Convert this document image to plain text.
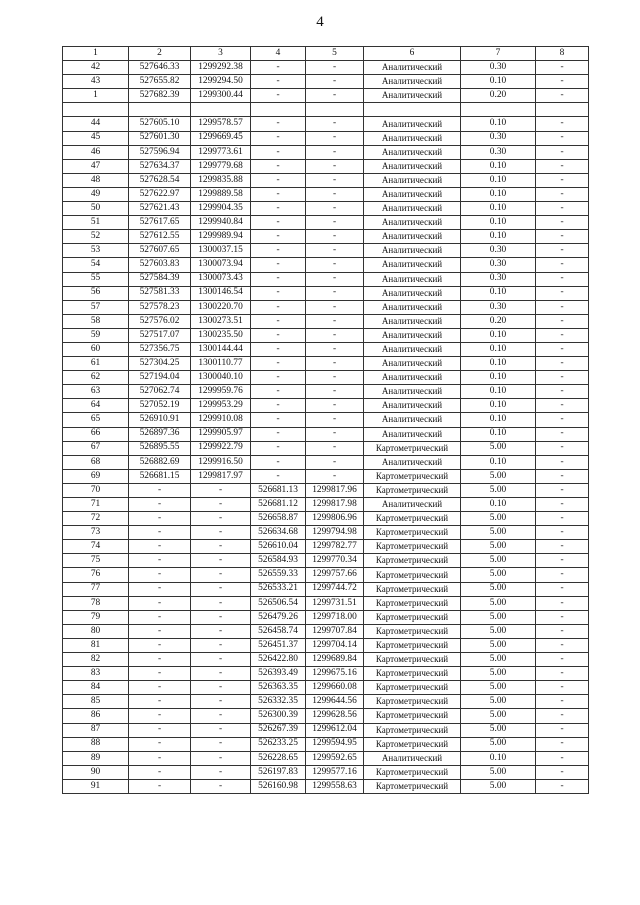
4
1	2	3	4	5	6	7	8
42	527646.33	1299292.38	-	-	Аналитический	0.30	-
43	527655.82	1299294.50	-	-	Аналитический	0.10	-
1	527682.39	1299300.44	-	-	Аналитический	0.20	-

44	527605.10	1299578.57	-	-	Аналитический	0.10	-
45	527601.30	1299669.45	-	-	Аналитический	0.30	-
46	527596.94	1299773.61	-	-	Аналитический	0.30	-
47	527634.37	1299779.68	-	-	Аналитический	0.10	-
48	527628.54	1299835.88	-	-	Аналитический	0.10	-
49	527622.97	1299889.58	-	-	Аналитический	0.10	-
50	527621.43	1299904.35	-	-	Аналитический	0.10	-
51	527617.65	1299940.84	-	-	Аналитический	0.10	-
52	527612.55	1299989.94	-	-	Аналитический	0.10	-
53	527607.65	1300037.15	-	-	Аналитический	0.30	-
54	527603.83	1300073.94	-	-	Аналитический	0.30	-
55	527584.39	1300073.43	-	-	Аналитический	0.30	-
56	527581.33	1300146.54	-	-	Аналитический	0.10	-
57	527578.23	1300220.70	-	-	Аналитический	0.30	-
58	527576.02	1300273.51	-	-	Аналитический	0.20	-
59	527517.07	1300235.50	-	-	Аналитический	0.10	-
60	527356.75	1300144.44	-	-	Аналитический	0.10	-
61	527304.25	1300110.77	-	-	Аналитический	0.10	-
62	527194.04	1300040.10	-	-	Аналитический	0.10	-
63	527062.74	1299959.76	-	-	Аналитический	0.10	-
64	527052.19	1299953.29	-	-	Аналитический	0.10	-
65	526910.91	1299910.08	-	-	Аналитический	0.10	-
66	526897.36	1299905.97	-	-	Аналитический	0.10	-
67	526895.55	1299922.79	-	-	Картометрический	5.00	-
68	526882.69	1299916.50	-	-	Аналитический	0.10	-
69	526681.15	1299817.97	-	-	Картометрический	5.00	-
70	-	-	526681.13	1299817.96	Картометрический	5.00	-
71	-	-	526681.12	1299817.98	Аналитический	0.10	-
72	-	-	526658.87	1299806.96	Картометрический	5.00	-
73	-	-	526634.68	1299794.98	Картометрический	5.00	-
74	-	-	526610.04	1299782.77	Картометрический	5.00	-
75	-	-	526584.93	1299770.34	Картометрический	5.00	-
76	-	-	526559.33	1299757.66	Картометрический	5.00	-
77	-	-	526533.21	1299744.72	Картометрический	5.00	-
78	-	-	526506.54	1299731.51	Картометрический	5.00	-
79	-	-	526479.26	1299718.00	Картометрический	5.00	-
80	-	-	526458.74	1299707.84	Картометрический	5.00	-
81	-	-	526451.37	1299704.14	Картометрический	5.00	-
82	-	-	526422.80	1299689.84	Картометрический	5.00	-
83	-	-	526393.49	1299675.16	Картометрический	5.00	-
84	-	-	526363.35	1299660.08	Картометрический	5.00	-
85	-	-	526332.35	1299644.56	Картометрический	5.00	-
86	-	-	526300.39	1299628.56	Картометрический	5.00	-
87	-	-	526267.39	1299612.04	Картометрический	5.00	-
88	-	-	526233.25	1299594.95	Картометрический	5.00	-
89	-	-	526228.65	1299592.65	Аналитический	0.10	-
90	-	-	526197.83	1299577.16	Картометрический	5.00	-
91	-	-	526160.98	1299558.63	Картометрический	5.00	-
